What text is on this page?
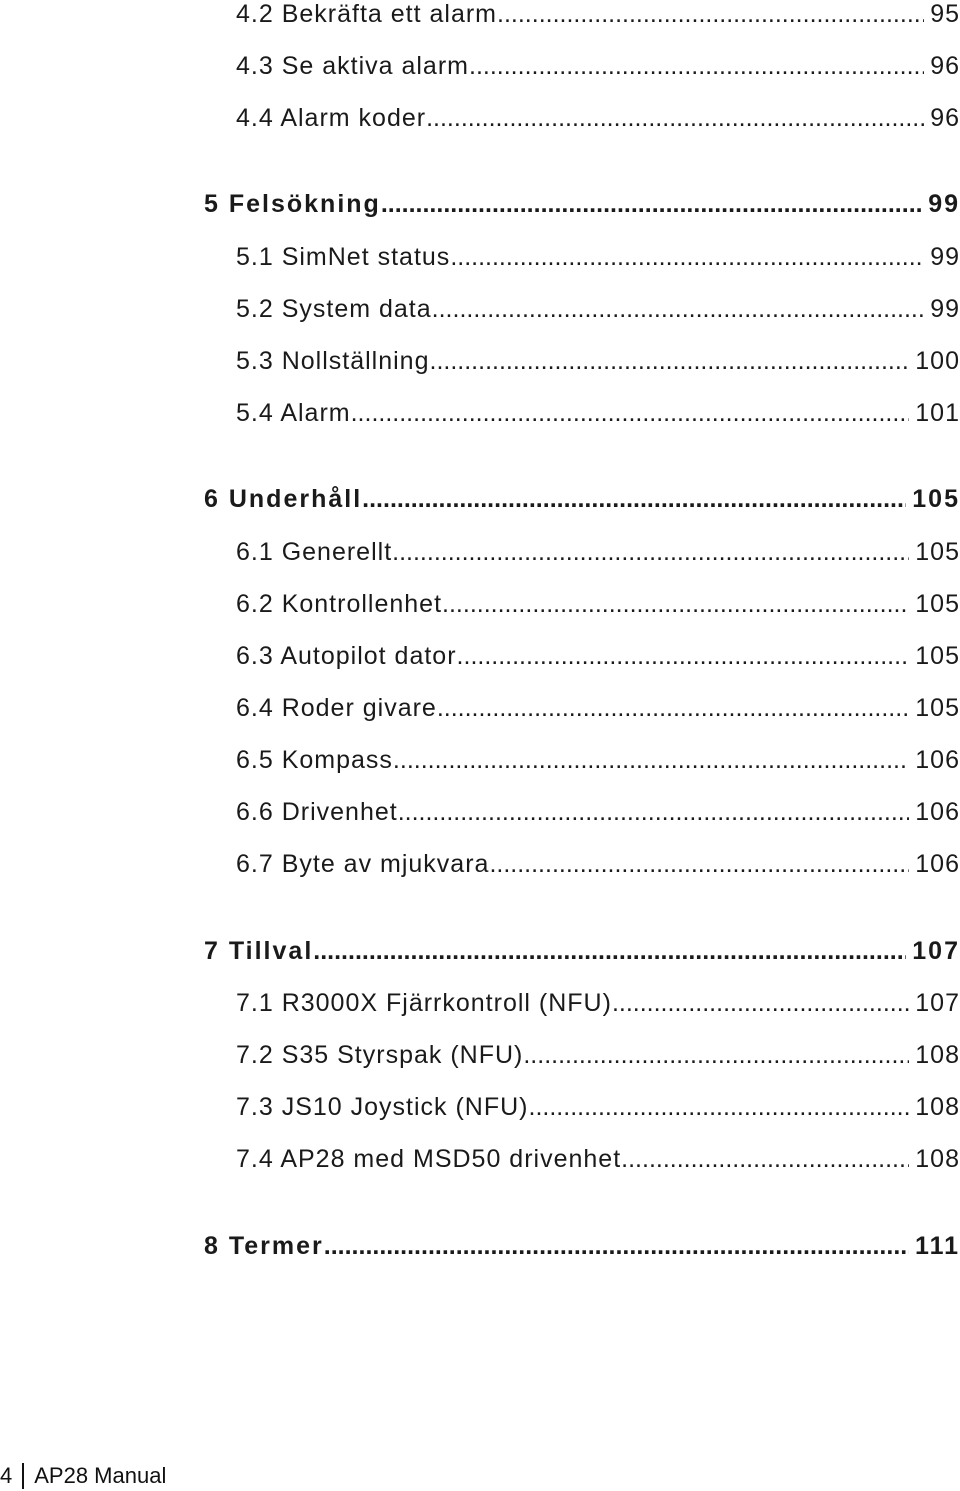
4.2 Bekräfta ett alarm .....	95
4.3 Se aktiva alarm .....	96
4.4 Alarm koder .....	96
5 Felsökning .....	99
5.1 SimNet status .....	99
5.2 System data .....	99
5.3 Nollställning .....	100
5.4 Alarm .....	101
6 Underhåll .....	105
6.1 Generellt .....	105
6.2 Kontrollenhet .....	105
6.3 Autopilot dator .....	105
6.4 Roder givare .....	105
6.5 Kompass .....	106
6.6 Drivenhet .....	106
6.7 Byte av mjukvara .....	106
7 Tillval .....	107
7.1 R3000X Fjärrkontroll (NFU) .....	107
7.2 S35 Styrspak (NFU) .....	108
7.3 JS10 Joystick (NFU) .....	108
7.4 AP28 med MSD50 drivenhet .....	108
8 Termer .....	111
4	AP28 Manual
